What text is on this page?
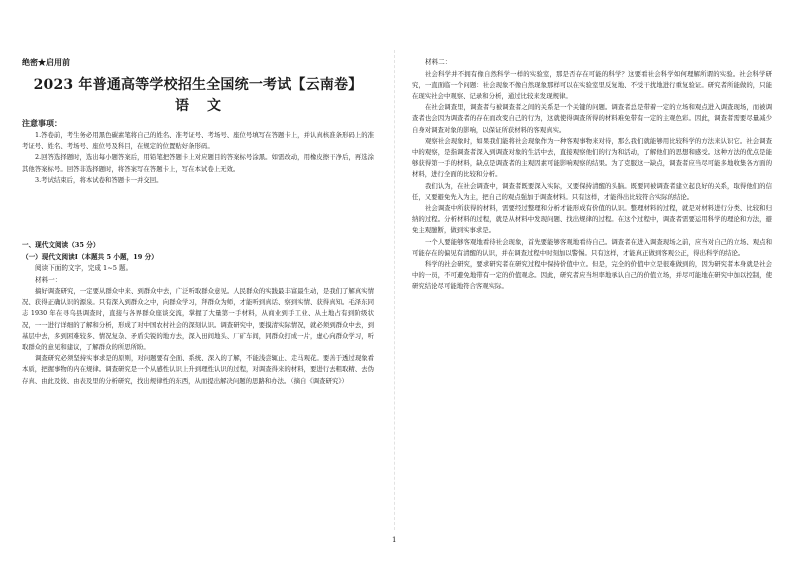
绝密★启用前
2023 年普通高等学校招生全国统一考试【云南卷】
语文
注意事项：

1.答卷前，考生务必用黑色碳素笔将自己的姓名、准考证号、考场号、座位号填写在答题卡上，并认真核准条形码上的准考证号、姓名、考场号、座位号及科目，在规定的位置贴好条形码。

2.回答选择题时，选出每小题答案后，用铅笔把答题卡上对应题目的答案标号涂黑。如需改动，用橡皮擦干净后，再选涂其他答案标号。回答非选择题时，将答案写在答题卡上，写在本试卷上无效。

3.考试结束后，将本试卷和答题卡一并交回。

一、现代文阅读（35 分）

（一）现代文阅读Ⅰ（本题共 5 小题，19 分）

阅读下面的文字，完成 1~5 题。

材料一：

搞好调查研究，一定要从群众中来、到群众中去，广泛听取群众意见。人民群众的实践最丰富最生动，是我们了解真实情况、获得正确认识的源泉。只有深入到群众之中，向群众学习，拜群众为师，才能听到真话、察到实情、获得真知。毛泽东同志 1930 年在寻乌县调查时，直接与各界群众座谈交流，掌握了大量第一手材料，从商业到手工业、从土地占有到阶级状况，一一进行详细的了解和分析，形成了对中国农村社会的深刻认识。调查研究中，要摸清实际情况，就必须到群众中去，到基层中去，多到困难较多、情况复杂、矛盾尖锐的地方去，深入田间地头、厂矿车间，同群众打成一片，虚心向群众学习，听取群众的意见和建议，了解群众的所思所盼。

调查研究必须坚持实事求是的原则，对问题要有全面、系统、深入的了解，不能浅尝辄止、走马观花。要善于透过现象看本质，把握事物的内在规律。调查研究是一个从感性认识上升到理性认识的过程，对调查得来的材料，要进行去粗取精、去伪存真、由此及彼、由表及里的分析研究，找出规律性的东西，从而提出解决问题的思路和办法。（摘自《调查研究》）

材料二：

社会科学并不拥有像自然科学一样的实验室，那是否存在可能的科学？这要看社会科学如何理解所谓的实验。社会科学研究，一直面临一个问题：社会现象不像自然现象那样可以在实验室里反复地、不受干扰地进行重复验证。研究者所能做的，只能在现实社会中观察、记录和分析，通过比较来发现规律。

在社会调查里，调查者与被调查者之间的关系是一个关键的问题。调查者总是带着一定的立场和观点进入调查现场，而被调查者也会因为调查者的存在而改变自己的行为，这就使得调查所得的材料难免带有一定的主观色彩。因此，调查者需要尽量减少自身对调查对象的影响，以保证所获材料的客观真实。

观察社会现象时，如果我们能将社会现象作为一种客观事物来对待，那么我们就能够用比较科学的方法来认识它。社会调查中的观察，是指调查者深入到调查对象的生活中去，直接观察他们的行为和活动，了解他们的思想和感受。这种方法的优点是能够获得第一手的材料，缺点是调查者的主观因素可能影响观察的结果。为了克服这一缺点，调查者应当尽可能多地收集各方面的材料，进行全面的比较和分析。

我们认为，在社会调查中，调查者既要深入实际，又要保持清醒的头脑。既要同被调查者建立起良好的关系，取得他们的信任，又要避免先入为主，把自己的观点强加于调查材料。只有这样，才能得出比较符合实际的结论。

社会调查中所获得的材料，需要经过整理和分析才能形成有价值的认识。整理材料的过程，就是对材料进行分类、比较和归纳的过程。分析材料的过程，就是从材料中发现问题、找出规律的过程。在这个过程中，调查者需要运用科学的理论和方法，避免主观臆断，做到实事求是。

一个人要能够客观地看待社会现象，首先要能够客观地看待自己。调查者在进入调查现场之前，应当对自己的立场、观点和可能存在的偏见有清醒的认识，并在调查过程中时刻加以警惕。只有这样，才能真正做到客观公正，得出科学的结论。

科学的社会研究，要求研究者在研究过程中保持价值中立。但是，完全的价值中立是很难做到的，因为研究者本身就是社会中的一员，不可避免地带有一定的价值观念。因此，研究者应当坦率地承认自己的价值立场，并尽可能地在研究中加以控制，使研究结论尽可能地符合客观实际。

1
